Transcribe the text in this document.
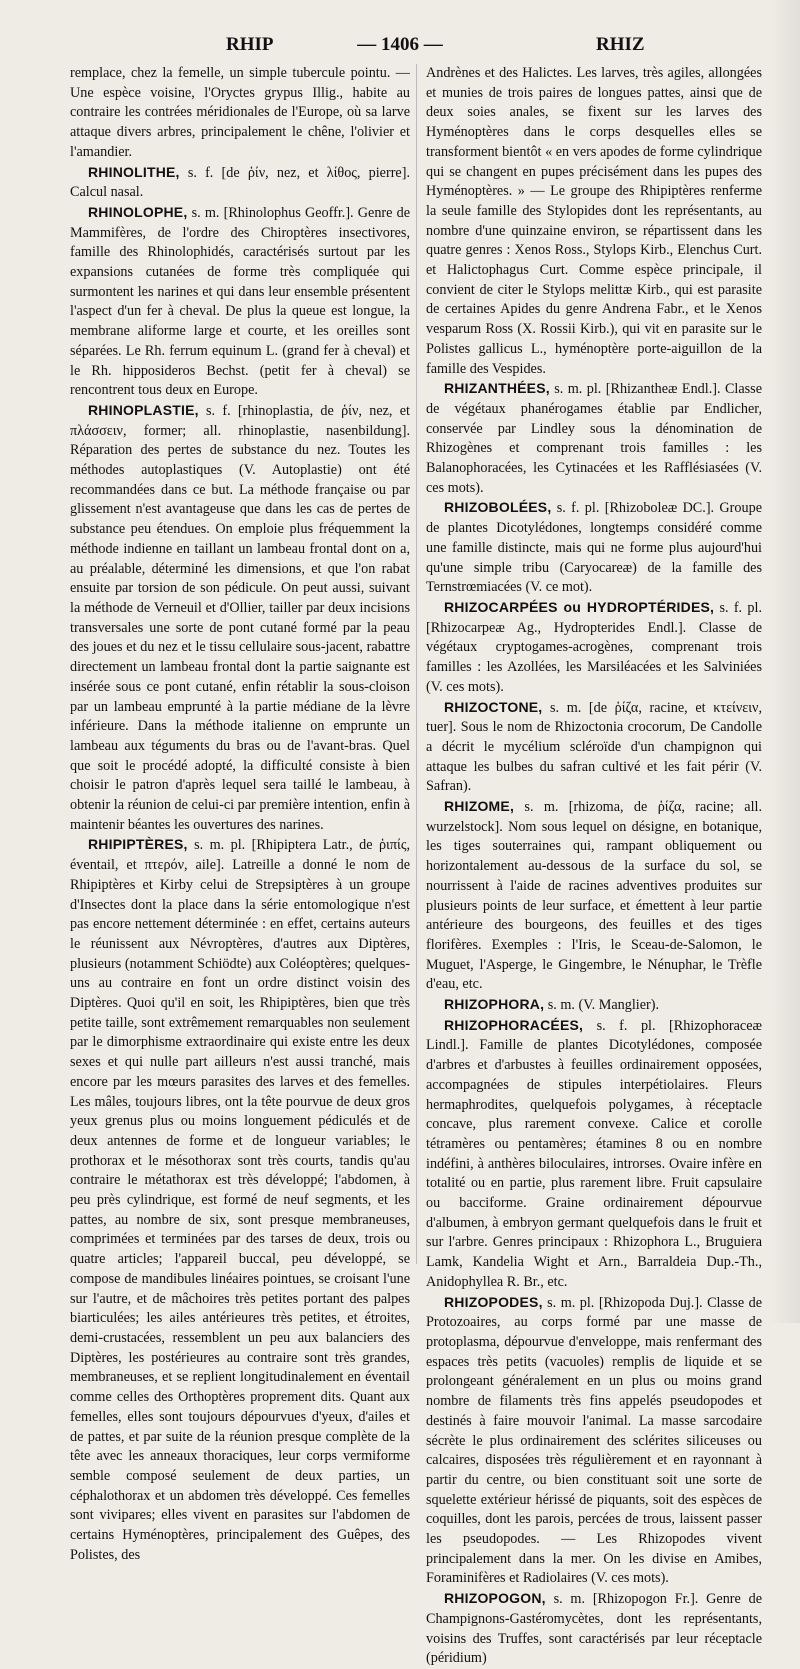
RHIP	— 1406 —	RHIZ

remplace, chez la femelle, un simple tubercule pointu. — Une espèce voisine, l'Oryctes grypus Illig., habite au contraire les contrées méridionales de l'Europe, où sa larve attaque divers arbres, principalement le chêne, l'olivier et l'amandier.

RHINOLITHE, s. f. [de ῥίν, nez, et λίθος, pierre]. Calcul nasal.

RHINOLOPHE, s. m. [Rhinolophus Geoffr.]. Genre de Mammifères, de l'ordre des Chiroptères insectivores, famille des Rhinolophidés, caractérisés surtout par les expansions cutanées de forme très compliquée qui surmontent les narines et qui dans leur ensemble présentent l'aspect d'un fer à cheval. De plus la queue est longue, la membrane aliforme large et courte, et les oreilles sont séparées. Le Rh. ferrum equinum L. (grand fer à cheval) et le Rh. hipposideros Bechst. (petit fer à cheval) se rencontrent tous deux en Europe.

RHINOPLASTIE, s. f. [rhinoplastia, de ῥίν, nez, et πλάσσειν, former; all. rhinoplastie, nasenbildung]. Réparation des pertes de substance du nez. Toutes les méthodes autoplastiques (V. Autoplastie) ont été recommandées dans ce but. La méthode française ou par glissement n'est avantageuse que dans les cas de pertes de substance peu étendues. On emploie plus fréquemment la méthode indienne en taillant un lambeau frontal dont on a, au préalable, déterminé les dimensions, et que l'on rabat ensuite par torsion de son pédicule. On peut aussi, suivant la méthode de Verneuil et d'Ollier, tailler par deux incisions transversales une sorte de pont cutané formé par la peau des joues et du nez et le tissu cellulaire sous-jacent, rabattre directement un lambeau frontal dont la partie saignante est insérée sous ce pont cutané, enfin rétablir la sous-cloison par un lambeau emprunté à la partie médiane de la lèvre inférieure. Dans la méthode italienne on emprunte un lambeau aux téguments du bras ou de l'avant-bras. Quel que soit le procédé adopté, la difficulté consiste à bien choisir le patron d'après lequel sera taillé le lambeau, à obtenir la réunion de celui-ci par première intention, enfin à maintenir béantes les ouvertures des narines.

RHIPIPTÈRES, s. m. pl. [Rhipiptera Latr., de ῥιπίς, éventail, et πτερόν, aile]. Latreille a donné le nom de Rhipiptères et Kirby celui de Strepsiptères à un groupe d'Insectes dont la place dans la série entomologique n'est pas encore nettement déterminée : en effet, certains auteurs le réunissent aux Névroptères, d'autres aux Diptères, plusieurs (notamment Schiödte) aux Coléoptères; quelques-uns au contraire en font un ordre distinct voisin des Diptères. Quoi qu'il en soit, les Rhipiptères, bien que très petite taille, sont extrêmement remarquables non seulement par le dimorphisme extraordinaire qui existe entre les deux sexes et qui nulle part ailleurs n'est aussi tranché, mais encore par les mœurs parasites des larves et des femelles. Les mâles, toujours libres, ont la tête pourvue de deux gros yeux grenus plus ou moins longuement pédiculés et de deux antennes de forme et de longueur variables; le prothorax et le mésothorax sont très courts, tandis qu'au contraire le métathorax est très développé; l'abdomen, à peu près cylindrique, est formé de neuf segments, et les pattes, au nombre de six, sont presque membraneuses, comprimées et terminées par des tarses de deux, trois ou quatre articles; l'appareil buccal, peu développé, se compose de mandibules linéaires pointues, se croisant l'une sur l'autre, et de mâchoires très petites portant des palpes biarticulées; les ailes antérieures très petites, et étroites, demi-crustacées, ressemblent un peu aux balanciers des Diptères, les postérieures au contraire sont très grandes, membraneuses, et se replient longitudinalement en éventail comme celles des Orthoptères proprement dits. Quant aux femelles, elles sont toujours dépourvues d'yeux, d'ailes et de pattes, et par suite de la réunion presque complète de la tête avec les anneaux thoraciques, leur corps vermiforme semble composé seulement de deux parties, un céphalothorax et un abdomen très développé. Ces femelles sont vivipares; elles vivent en parasites sur l'abdomen de certains Hyménoptères, principalement des Guêpes, des Polistes, des

Andrènes et des Halictes. Les larves, très agiles, allongées et munies de trois paires de longues pattes, ainsi que de deux soies anales, se fixent sur les larves des Hyménoptères dans le corps desquelles elles se transforment bientôt « en vers apodes de forme cylindrique qui se changent en pupes précisément dans les pupes des Hyménoptères. » — Le groupe des Rhipiptères renferme la seule famille des Stylopides dont les représentants, au nombre d'une quinzaine environ, se répartissent dans les quatre genres : Xenos Ross., Stylops Kirb., Elenchus Curt. et Halictophagus Curt. Comme espèce principale, il convient de citer le Stylops melittæ Kirb., qui est parasite de certaines Apides du genre Andrena Fabr., et le Xenos vesparum Ross (X. Rossii Kirb.), qui vit en parasite sur le Polistes gallicus L., hyménoptère porte-aiguillon de la famille des Vespides.

RHIZANTHÉES, s. m. pl. [Rhizantheæ Endl.]. Classe de végétaux phanérogames établie par Endlicher, conservée par Lindley sous la dénomination de Rhizogènes et comprenant trois familles : les Balanophoracées, les Cytinacées et les Rafflésiasées (V. ces mots).

RHIZOBOLÉES, s. f. pl. [Rhizoboleæ DC.]. Groupe de plantes Dicotylédones, longtemps considéré comme une famille distincte, mais qui ne forme plus aujourd'hui qu'une simple tribu (Caryocareæ) de la famille des Ternstrœmiacées (V. ce mot).

RHIZOCARPÉES ou HYDROPTÉRIDES, s. f. pl. [Rhizocarpeæ Ag., Hydropterides Endl.]. Classe de végétaux cryptogames-acrogènes, comprenant trois familles : les Azollées, les Marsiléacées et les Salviniées (V. ces mots).

RHIZOCTONE, s. m. [de ῥίζα, racine, et κτείνειν, tuer]. Sous le nom de Rhizoctonia crocorum, De Candolle a décrit le mycélium scléroïde d'un champignon qui attaque les bulbes du safran cultivé et les fait périr (V. Safran).

RHIZOME, s. m. [rhizoma, de ῥίζα, racine; all. wurzelstock]. Nom sous lequel on désigne, en botanique, les tiges souterraines qui, rampant obliquement ou horizontalement au-dessous de la surface du sol, se nourrissent à l'aide de racines adventives produites sur plusieurs points de leur surface, et émettent à leur partie antérieure des bourgeons, des feuilles et des tiges florifères. Exemples : l'Iris, le Sceau-de-Salomon, le Muguet, l'Asperge, le Gingembre, le Nénuphar, le Trèfle d'eau, etc.

RHIZOPHORA, s. m. (V. Manglier).

RHIZOPHORACÉES, s. f. pl. [Rhizophoraceæ Lindl.]. Famille de plantes Dicotylédones, composée d'arbres et d'arbustes à feuilles ordinairement opposées, accompagnées de stipules interpétiolaires. Fleurs hermaphrodites, quelquefois polygames, à réceptacle concave, plus rarement convexe. Calice et corolle tétramères ou pentamères; étamines 8 ou en nombre indéfini, à anthères biloculaires, introrses. Ovaire infère en totalité ou en partie, plus rarement libre. Fruit capsulaire ou bacciforme. Graine ordinairement dépourvue d'albumen, à embryon germant quelquefois dans le fruit et sur l'arbre. Genres principaux : Rhizophora L., Bruguiera Lamk, Kandelia Wight et Arn., Barraldeia Dup.-Th., Anidophyllea R. Br., etc.

RHIZOPODES, s. m. pl. [Rhizopoda Duj.]. Classe de Protozoaires, au corps formé par une masse de protoplasma, dépourvue d'enveloppe, mais renfermant des espaces très petits (vacuoles) remplis de liquide et se prolongeant généralement en un plus ou moins grand nombre de filaments très fins appelés pseudopodes et destinés à faire mouvoir l'animal. La masse sarcodaire sécrète le plus ordinairement des sclérites siliceuses ou calcaires, disposées très régulièrement et en rayonnant à partir du centre, ou bien constituant soit une sorte de squelette extérieur hérissé de piquants, soit des espèces de coquilles, dont les parois, percées de trous, laissent passer les pseudopodes. — Les Rhizopodes vivent principalement dans la mer. On les divise en Amibes, Foraminifères et Radiolaires (V. ces mots).

RHIZOPOGON, s. m. [Rhizopogon Fr.]. Genre de Champignons-Gastéromycètes, dont les représentants, voisins des Truffes, sont caractérisés par leur réceptacle (péridium)
